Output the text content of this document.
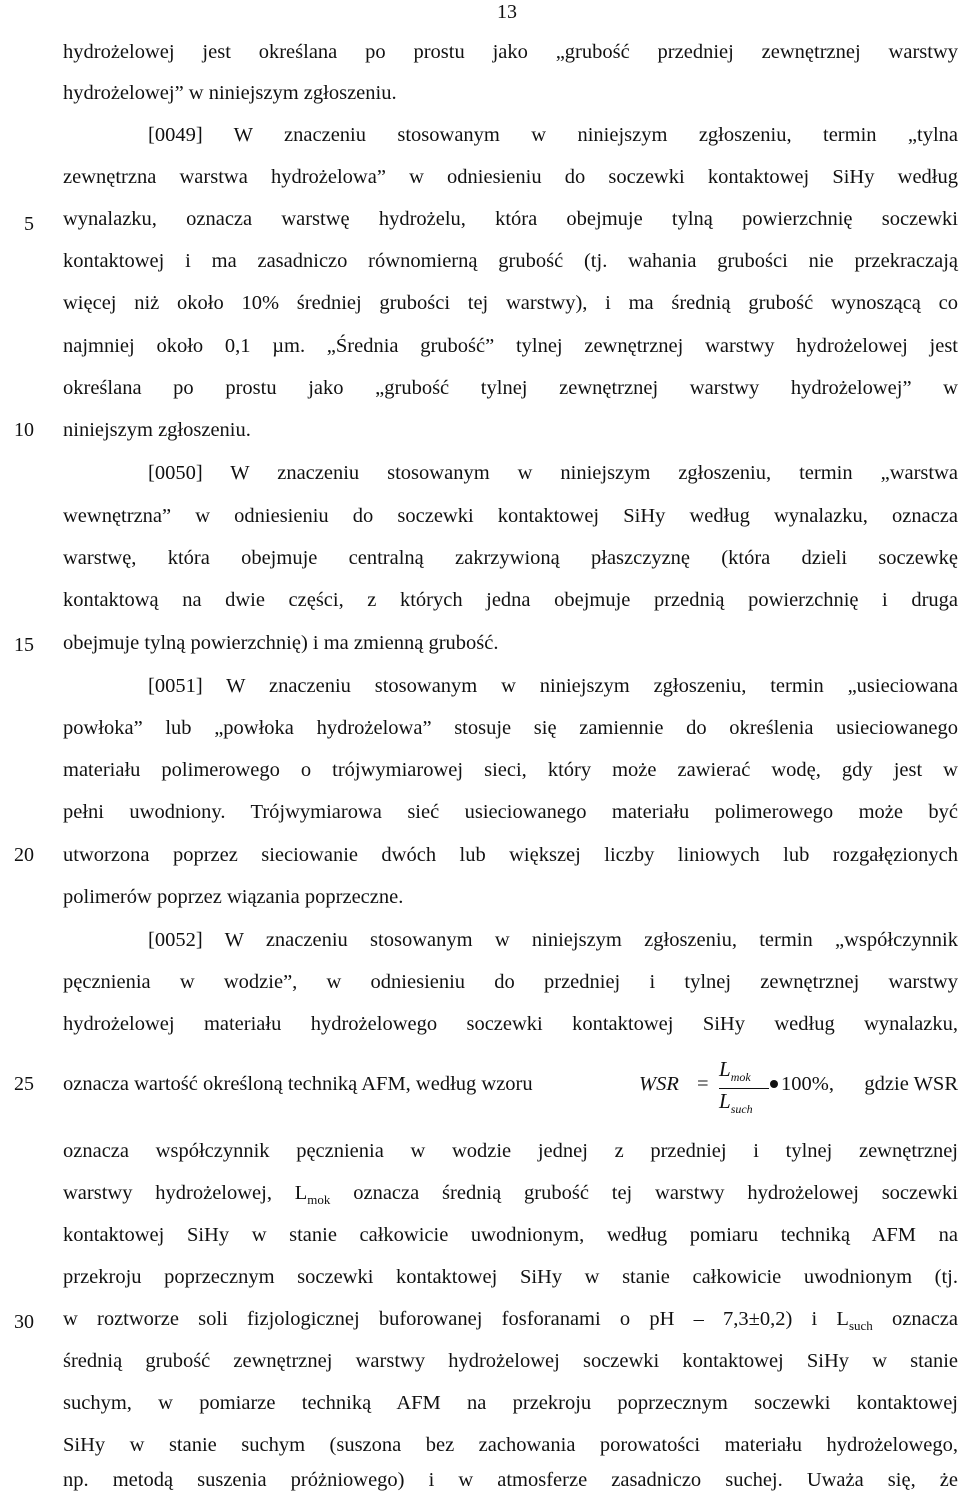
13
5
10
15
20
25
30
hydrożelowej jest określana po prostu jako „grubość przedniej zewnętrznej warstwy
hydrożelowej” w niniejszym zgłoszeniu.
[0049] W znaczeniu stosowanym w niniejszym zgłoszeniu, termin „tylna
zewnętrzna warstwa hydrożelowa” w odniesieniu do soczewki kontaktowej SiHy według
wynalazku, oznacza warstwę hydrożelu, która obejmuje tylną powierzchnię soczewki
kontaktowej i ma zasadniczo równomierną grubość (tj. wahania grubości nie przekraczają
więcej niż około 10% średniej grubości tej warstwy), i ma średnią grubość wynoszącą co
najmniej około 0,1 µm. „Średnia grubość” tylnej zewnętrznej warstwy hydrożelowej jest
określana po prostu jako „grubość tylnej zewnętrznej warstwy hydrożelowej” w
niniejszym zgłoszeniu.
[0050] W znaczeniu stosowanym w niniejszym zgłoszeniu, termin „warstwa
wewnętrzna” w odniesieniu do soczewki kontaktowej SiHy według wynalazku, oznacza
warstwę, która obejmuje centralną zakrzywioną płaszczyznę (która dzieli soczewkę
kontaktową na dwie części, z których jedna obejmuje przednią powierzchnię i druga
obejmuje tylną powierzchnię) i ma zmienną grubość.
[0051] W znaczeniu stosowanym w niniejszym zgłoszeniu, termin „usieciowana
powłoka” lub „powłoka hydrożelowa” stosuje się zamiennie do określenia usieciowanego
materiału polimerowego o trójwymiarowej sieci, który może zawierać wodę, gdy jest w
pełni uwodniony. Trójwymiarowa sieć usieciowanego materiału polimerowego może być
utworzona poprzez sieciowanie dwóch lub większej liczby liniowych lub rozgałęzionych
polimerów poprzez wiązania poprzeczne.
[0052] W znaczeniu stosowanym w niniejszym zgłoszeniu, termin „współczynnik
pęcznienia w wodzie”, w odniesieniu do przedniej i tylnej zewnętrznej warstwy
hydrożelowej materiału hydrożelowego soczewki kontaktowej SiHy według wynalazku,
oznacza wartość określoną techniką AFM, według wzoru	WSR =
$L_{mok}$
$L_{such}$
100%, gdzie WSR
oznacza współczynnik pęcznienia w wodzie jednej z przedniej i tylnej zewnętrznej
warstwy hydrożelowej, $L_{mok}$ oznacza średnią grubość tej warstwy hydrożelowej soczewki
kontaktowej SiHy w stanie całkowicie uwodnionym, według pomiaru techniką AFM na
przekroju poprzecznym soczewki kontaktowej SiHy w stanie całkowicie uwodnionym (tj.
w roztworze soli fizjologicznej buforowanej fosforanami o pH – 7,3±0,2) i $L_{such}$ oznacza
średnią grubość zewnętrznej warstwy hydrożelowej soczewki kontaktowej SiHy w stanie
suchym, w pomiarze techniką AFM na przekroju poprzecznym soczewki kontaktowej
SiHy w stanie suchym (suszona bez zachowania porowatości materiału hydrożelowego,
np. metodą suszenia próżniowego) i w atmosferze zasadniczo suchej. Uważa się, że
